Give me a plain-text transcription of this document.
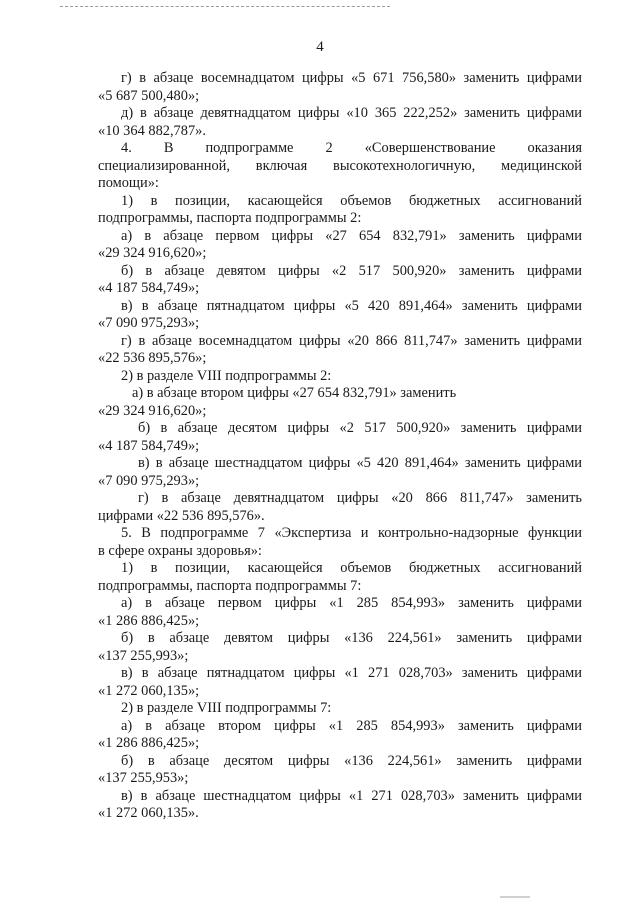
4
г) в абзаце восемнадцатом цифры «5 671 756,580» заменить цифрами
«5 687 500,480»;
д) в абзаце девятнадцатом цифры «10 365 222,252» заменить цифрами
«10 364 882,787».
4. В подпрограмме 2 «Совершенствование оказания
специализированной, включая высокотехнологичную, медицинской
помощи»:
1) в позиции, касающейся объемов бюджетных ассигнований
подпрограммы, паспорта подпрограммы 2:
а) в абзаце первом цифры «27 654 832,791» заменить цифрами
«29 324 916,620»;
б) в абзаце девятом цифры «2 517 500,920» заменить цифрами
«4 187 584,749»;
в) в абзаце пятнадцатом цифры «5 420 891,464» заменить цифрами
«7 090 975,293»;
г) в абзаце восемнадцатом цифры «20 866 811,747» заменить цифрами
«22 536 895,576»;
2) в разделе VIII подпрограммы 2:
а) в абзаце втором цифры «27 654 832,791» заменить
«29 324 916,620»;
б) в абзаце десятом цифры «2 517 500,920» заменить цифрами
«4 187 584,749»;
в) в абзаце шестнадцатом цифры «5 420 891,464» заменить цифрами
«7 090 975,293»;
г) в абзаце девятнадцатом цифры «20 866 811,747» заменить
цифрами «22 536 895,576».
5. В подпрограмме 7 «Экспертиза и контрольно-надзорные функции
в сфере охраны здоровья»:
1) в позиции, касающейся объемов бюджетных ассигнований
подпрограммы, паспорта подпрограммы 7:
а) в абзаце первом цифры «1 285 854,993» заменить цифрами
«1 286 886,425»;
б) в абзаце девятом цифры «136 224,561» заменить цифрами
«137 255,993»;
в) в абзаце пятнадцатом цифры «1 271 028,703» заменить цифрами
«1 272 060,135»;
2) в разделе VIII подпрограммы 7:
а) в абзаце втором цифры «1 285 854,993» заменить цифрами
«1 286 886,425»;
б) в абзаце десятом цифры «136 224,561» заменить цифрами
«137 255,953»;
в) в абзаце шестнадцатом цифры «1 271 028,703» заменить цифрами
«1 272 060,135».
